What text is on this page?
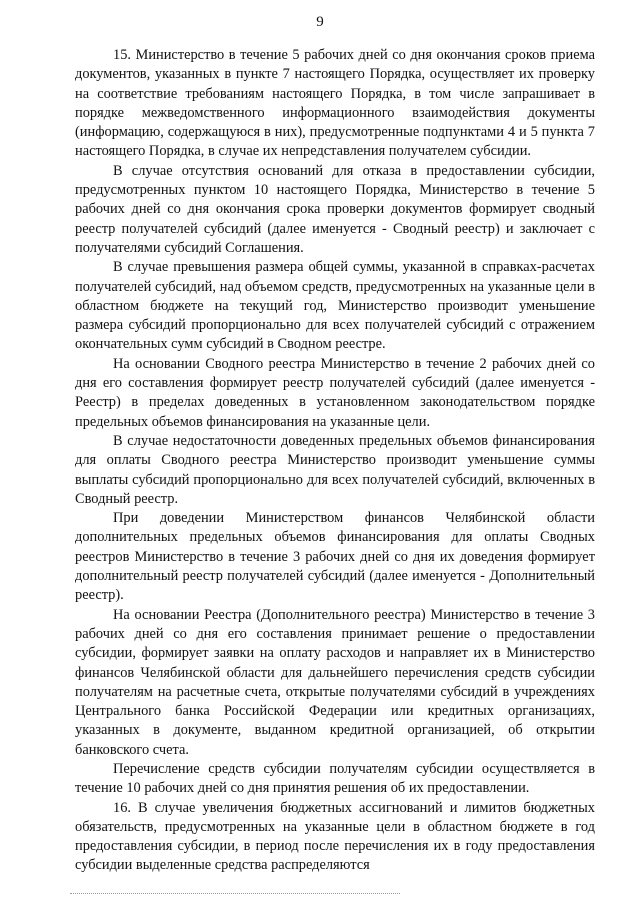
9

15. Министерство в течение 5 рабочих дней со дня окончания сроков приема документов, указанных в пункте 7 настоящего Порядка, осуществляет их проверку на соответствие требованиям настоящего Порядка, в том числе запрашивает в порядке межведомственного информационного взаимодействия документы (информацию, содержащуюся в них), предусмотренные подпунктами 4 и 5 пункта 7 настоящего Порядка, в случае их непредставления получателем субсидии.

В случае отсутствия оснований для отказа в предоставлении субсидии, предусмотренных пунктом 10 настоящего Порядка, Министерство в течение 5 рабочих дней со дня окончания срока проверки документов формирует сводный реестр получателей субсидий (далее именуется - Сводный реестр) и заключает с получателями субсидий Соглашения.

В случае превышения размера общей суммы, указанной в справках-расчетах получателей субсидий, над объемом средств, предусмотренных на указанные цели в областном бюджете на текущий год, Министерство производит уменьшение размера субсидий пропорционально для всех получателей субсидий с отражением окончательных сумм субсидий в Сводном реестре.

На основании Сводного реестра Министерство в течение 2 рабочих дней со дня его составления формирует реестр получателей субсидий (далее именуется - Реестр) в пределах доведенных в установленном законодательством порядке предельных объемов финансирования на указанные цели.

В случае недостаточности доведенных предельных объемов финансирования для оплаты Сводного реестра Министерство производит уменьшение суммы выплаты субсидий пропорционально для всех получателей субсидий, включенных в Сводный реестр.

При доведении Министерством финансов Челябинской области дополнительных предельных объемов финансирования для оплаты Сводных реестров Министерство в течение 3 рабочих дней со дня их доведения формирует дополнительный реестр получателей субсидий (далее именуется - Дополнительный реестр).

На основании Реестра (Дополнительного реестра) Министерство в течение 3 рабочих дней со дня его составления принимает решение о предоставлении субсидии, формирует заявки на оплату расходов и направляет их в Министерство финансов Челябинской области для дальнейшего перечисления средств субсидии получателям на расчетные счета, открытые получателями субсидий в учреждениях Центрального банка Российской Федерации или кредитных организациях, указанных в документе, выданном кредитной организацией, об открытии банковского счета.

Перечисление средств субсидии получателям субсидии осуществляется в течение 10 рабочих дней со дня принятия решения об их предоставлении.

16. В случае увеличения бюджетных ассигнований и лимитов бюджетных обязательств, предусмотренных на указанные цели в областном бюджете в год предоставления субсидии, в период после перечисления их в году предоставления субсидии выделенные средства распределяются
